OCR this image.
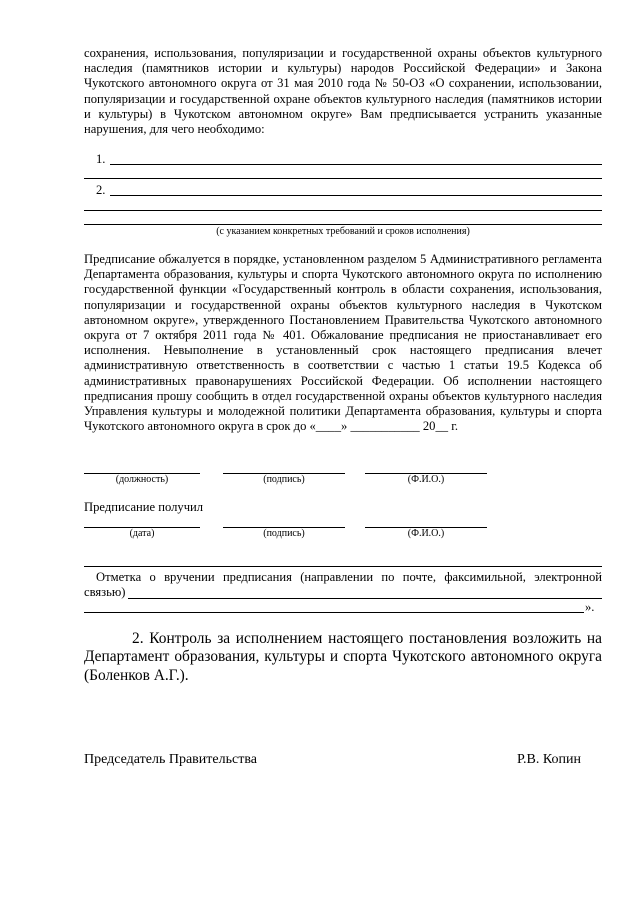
сохранения, использования, популяризации и государственной охраны объектов культурного наследия (памятников истории и культуры) народов Российской Федерации» и Закона Чукотского автономного округа от 31 мая 2010 года № 50-ОЗ «О сохранении, использовании, популяризации и государственной охране объектов культурного наследия (памятников истории и культуры) в Чукотском автономном округе» Вам предписывается устранить указанные нарушения, для чего необходимо:

1.
2.
(с указанием конкретных требований и сроков исполнения)

Предписание обжалуется в порядке, установленном разделом 5 Административного регламента Департамента образования, культуры и спорта Чукотского автономного округа по исполнению государственной функции «Государственный контроль в области сохранения, использования, популяризации и государственной охраны объектов культурного наследия в Чукотском автономном округе», утвержденного Постановлением Правительства Чукотского автономного округа от 7 октября 2011 года № 401. Обжалование предписания не приостанавливает его исполнения. Невыполнение в установленный срок настоящего предписания влечет административную ответственность в соответствии с частью 1 статьи 19.5 Кодекса об административных правонарушениях Российской Федерации. Об исполнении настоящего предписания прошу сообщить в отдел государственной охраны объектов культурного наследия Управления культуры и молодежной политики Департамента образования, культуры и спорта Чукотского автономного округа в срок до «____» ___________ 20__ г.

(должность)	(подпись)	(Ф.И.О.)
Предписание получил
(дата)	(подпись)	(Ф.И.О.)
Отметка о вручении предписания (направлении по почте, факсимильной, электронной
связью)
».

2. Контроль за исполнением настоящего постановления возложить на Департамент образования, культуры и спорта Чукотского автономного округа (Боленков А.Г.).

Председатель Правительства	Р.В. Копин
